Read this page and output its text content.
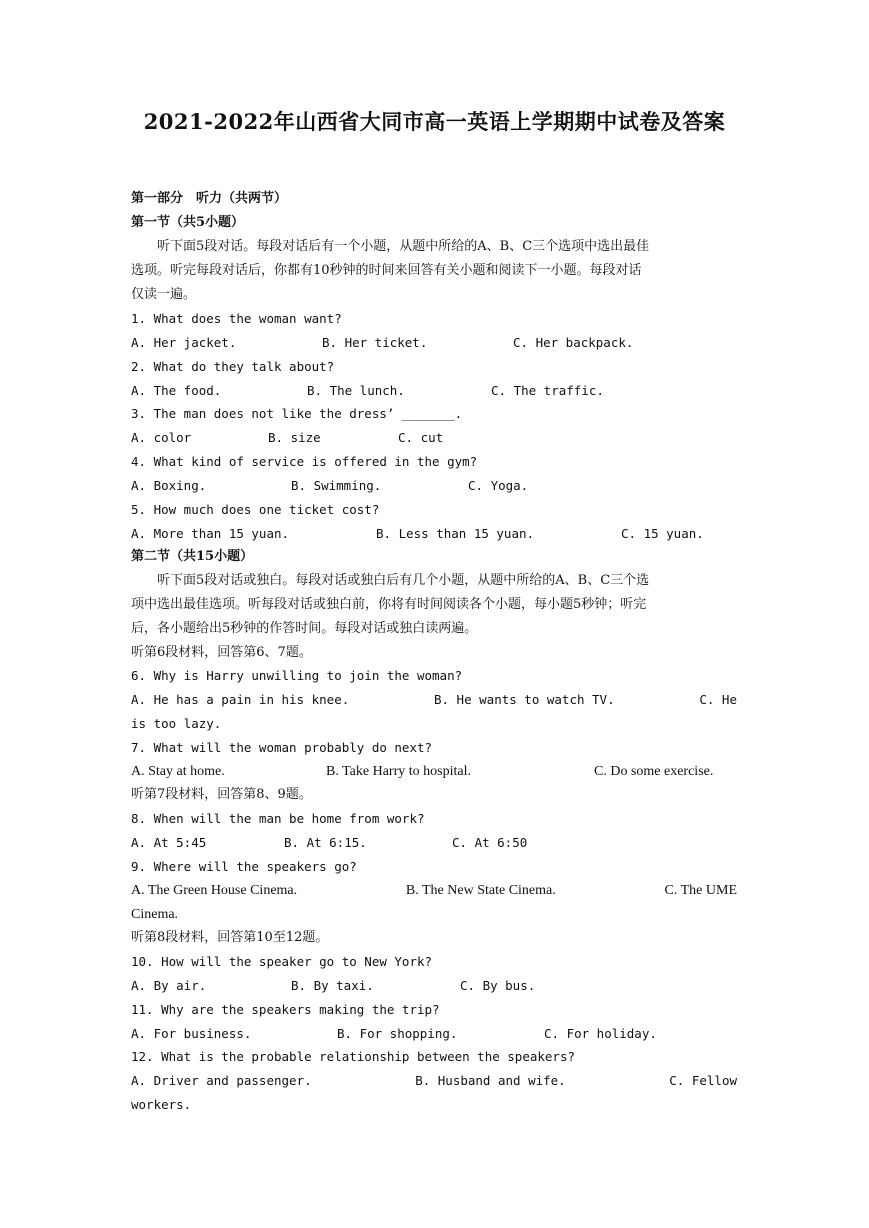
2021-2022年山西省大同市高一英语上学期期中试卷及答案
第一部分　听力（共两节）
第一节（共5小题）
　　听下面5段对话。每段对话后有一个小题，从题中所给的A、B、C三个选项中选出最佳
选项。听完每段对话后，你都有10秒钟的时间来回答有关小题和阅读下一小题。每段对话
仅读一遍。
1. What does the woman want?
A. Her jacket.	B. Her ticket.	C. Her backpack.
2. What do they talk about?
A. The food.	B. The lunch.	C. The traffic.
3. The man does not like the dress’ _______.
A. color	B. size	C. cut
4. What kind of service is offered in the gym?
A. Boxing.	B. Swimming.	C. Yoga.
5. How much does one ticket cost?
A. More than 15 yuan.	B. Less than 15 yuan.	C. 15 yuan.
第二节（共15小题）
　　听下面5段对话或独白。每段对话或独白后有几个小题，从题中所给的A、B、C三个选
项中选出最佳选项。听每段对话或独白前，你将有时间阅读各个小题，每小题5秒钟；听完
后，各小题给出5秒钟的作答时间。每段对话或独白读两遍。
听第6段材料，回答第6、7题。
6. Why is Harry unwilling to join the woman?
A. He has a pain in his knee.	B. He wants to watch TV.	C. He
is too lazy.
7. What will the woman probably do next?
A. Stay at home.	B. Take Harry to hospital.	C. Do some exercise.
听第7段材料，回答第8、9题。
8. When will the man be home from work?
A. At 5:45	B. At 6:15.	C. At 6:50
9. Where will the speakers go?
A. The Green House Cinema.	B. The New State Cinema.	C. The UME
Cinema.
听第8段材料，回答第10至12题。
10. How will the speaker go to New York?
A. By air.	B. By taxi.	C. By bus.
11. Why are the speakers making the trip?
A. For business.	B. For shopping.	C. For holiday.
12. What is the probable relationship between the speakers?
A. Driver and passenger.	B. Husband and wife.	C. Fellow
workers.
